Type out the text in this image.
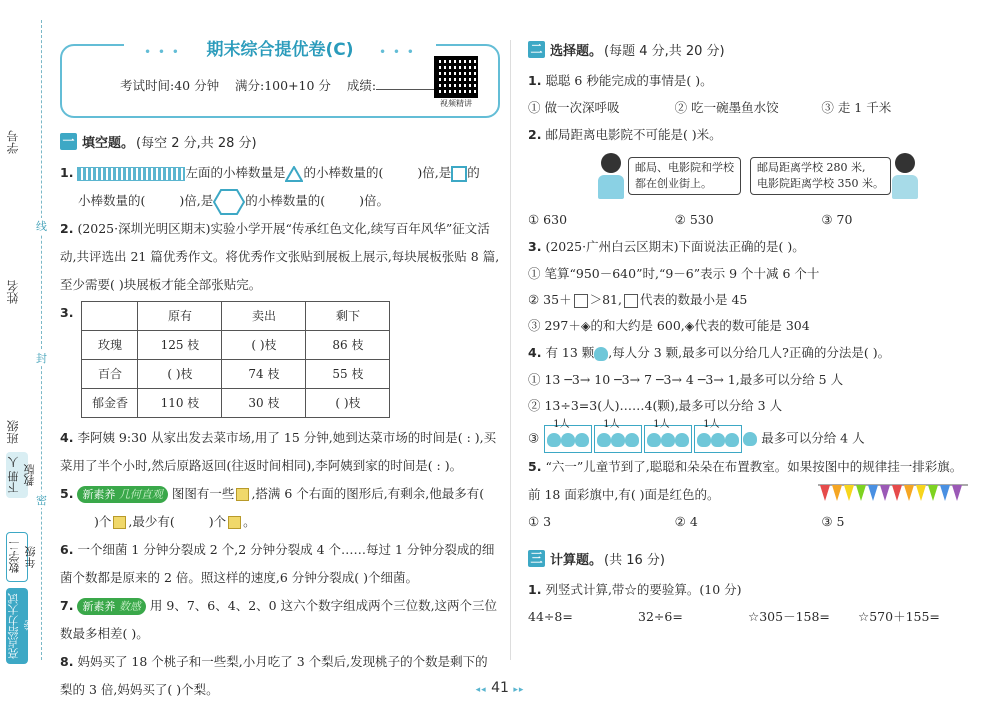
学号
姓名
班级
线
封
密
下册 人教版
数学二年级
亮点给力大试卷
• • • 期末综合提优卷(C)	• • •
考试时间:40 分钟 满分:100+10 分 成绩:
视频精讲
一 填空题。 (每空 2 分,共 28 分)
1.	左面的小棒数量是 的小棒数量的(	)倍,是 的
小棒数量的(	)倍,是	的小棒数量的(	)倍。
2. (2025·深圳光明区期末)实验小学开展“传承红色文化,续写百年风华”征文活动,共评选出 21 篇优秀作文。将优秀作文张贴到展板上展示,每块展板张贴 8 篇,至少需要( )块展板才能全部张贴完。
3.
		原有	卖出	剩下
玫瑰	125 枝	( )枝	86 枝
百合	( )枝	74 枝	55 枝
郁金香	110 枝	30 枝	( )枝
4. 李阿姨 9:30 从家出发去菜市场,用了 15 分钟,她到达菜市场的时间是( : ),买菜用了半个小时,然后原路返回(往返时间相同),李阿姨到家的时间是( : )。
5. 新素养 几何直观 图图有一些 ,搭满 6 个右面的图形后,有剩余,他最多有()个 ,最少有(	)个 。
6. 一个细菌 1 分钟分裂成 2 个,2 分钟分裂成 4 个……每过 1 分钟分裂成的细菌个数都是原来的 2 倍。照这样的速度,6 分钟分裂成( )个细菌。
7. 新素养 数感 用 9、7、6、4、2、0 这六个数字组成两个三位数,这两个三位数最多相差( )。
8. 妈妈买了 18 个桃子和一些梨,小月吃了 3 个梨后,发现桃子的个数是剩下的梨的 3 倍,妈妈买了( )个梨。
二 选择题。 (每题 4 分,共 20 分)
1. 聪聪 6 秒能完成的事情是( )。
① 做一次深呼吸	② 吃一碗墨鱼水饺	③ 走 1 千米
2. 邮局距离电影院不可能是( )米。
邮局、电影院和学校
都在创业街上。
邮局距离学校 280 米,
电影院距离学校 350 米。
① 630	② 530	③ 70
3. (2025·广州白云区期末)下面说法正确的是( )。
① 笔算“950－640”时,“9－6”表示 9 个十减 6 个十
② 35＋ ＞81, 代表的数最小是 45
③ 297＋◈的和大约是 600,◈代表的数可能是 304
4. 有 13 颗 ,每人分 3 颗,最多可以分给几人?正确的分法是( )。
① 13 ─3→ 10 ─3→ 7 ─3→ 4 ─3→ 1,最多可以分给 5 人
② 13÷3=3(人)……4(颗),最多可以分给 3 人
③
1人	1人	1人	1人
最多可以分给 4 人
5. “六一”儿童节到了,聪聪和朵朵在布置教室。如果按图中的规律挂一排彩旗。前 18 面彩旗中,有( )面是红色的。
① 3	② 4	③ 5
三 计算题。 (共 16 分)
1. 列竖式计算,带☆的要验算。(10 分)
44÷8=	32÷6=	☆305－158=	☆570＋155=
◂◂ 41 ▸▸
